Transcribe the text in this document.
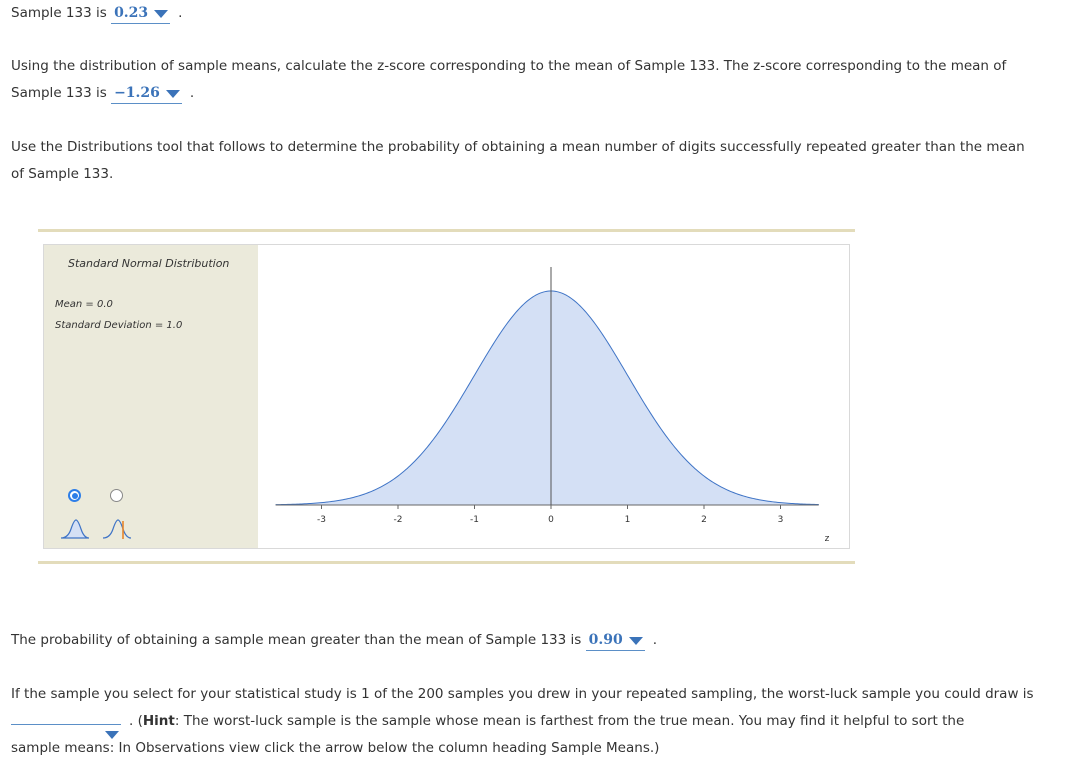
Sample 133 is 0.23 .
Using the distribution of sample means, calculate the z-score corresponding to the mean of Sample 133. The z-score corresponding to the mean of
Sample 133 is −1.26 .
Use the Distributions tool that follows to determine the probability of obtaining a mean number of digits successfully repeated greater than the mean
of Sample 133.
Standard Normal Distribution
Mean = 0.0
Standard Deviation = 1.0
-3	-2	-1	0	1	2	3
z
The probability of obtaining a sample mean greater than the mean of Sample 133 is 0.90 .
If the sample you select for your statistical study is 1 of the 200 samples you drew in your repeated sampling, the worst-luck sample you could draw is
. (Hint: The worst-luck sample is the sample whose mean is farthest from the true mean. You may find it helpful to sort the
sample means: In Observations view click the arrow below the column heading Sample Means.)
